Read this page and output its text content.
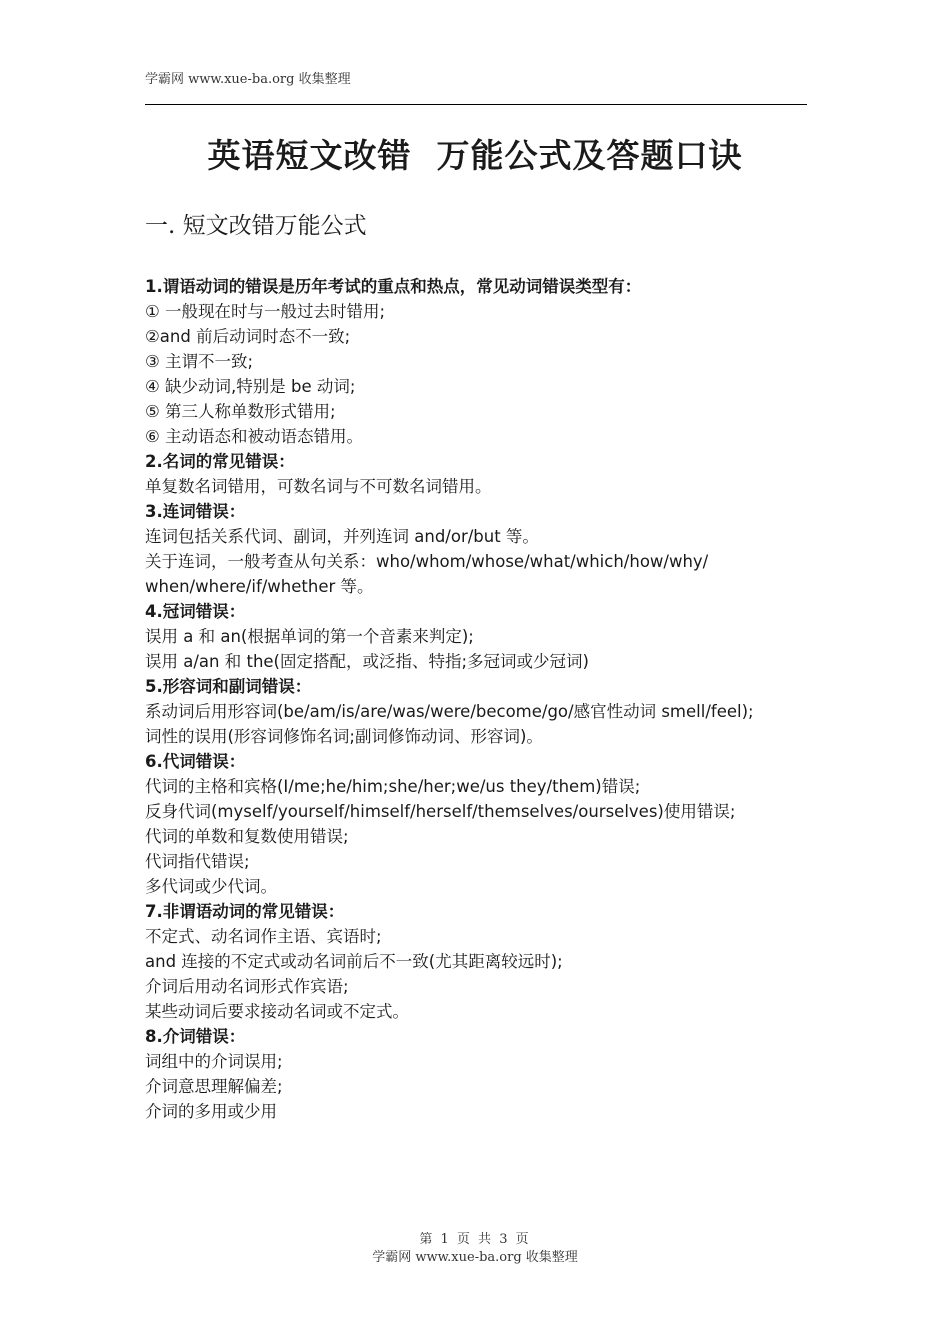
学霸网 www.xue-ba.org 收集整理
英语短文改错  万能公式及答题口诀
一. 短文改错万能公式
1.谓语动词的错误是历年考试的重点和热点，常见动词错误类型有：
① 一般现在时与一般过去时错用;
②and 前后动词时态不一致;
③ 主谓不一致;
④ 缺少动词,特别是 be 动词;
⑤ 第三人称单数形式错用;
⑥ 主动语态和被动语态错用。
2.名词的常见错误：
单复数名词错用，可数名词与不可数名词错用。
3.连词错误：
连词包括关系代词、副词，并列连词 and/or/but 等。
关于连词，一般考查从句关系：who/whom/whose/what/which/how/why/
when/where/if/whether 等。
4.冠词错误：
误用 a 和 an(根据单词的第一个音素来判定);
误用 a/an 和 the(固定搭配，或泛指、特指;多冠词或少冠词)
5.形容词和副词错误：
系动词后用形容词(be/am/is/are/was/were/become/go/感官性动词 smell/feel);
词性的误用(形容词修饰名词;副词修饰动词、形容词)。
6.代词错误：
代词的主格和宾格(I/me;he/him;she/her;we/us they/them)错误;
反身代词(myself/yourself/himself/herself/themselves/ourselves)使用错误;
代词的单数和复数使用错误;
代词指代错误;
多代词或少代词。
7.非谓语动词的常见错误：
不定式、动名词作主语、宾语时;
and 连接的不定式或动名词前后不一致(尤其距离较远时);
介词后用动名词形式作宾语;
某些动词后要求接动名词或不定式。
8.介词错误：
词组中的介词误用;
介词意思理解偏差;
介词的多用或少用
第 1 页 共 3 页
学霸网 www.xue-ba.org 收集整理
